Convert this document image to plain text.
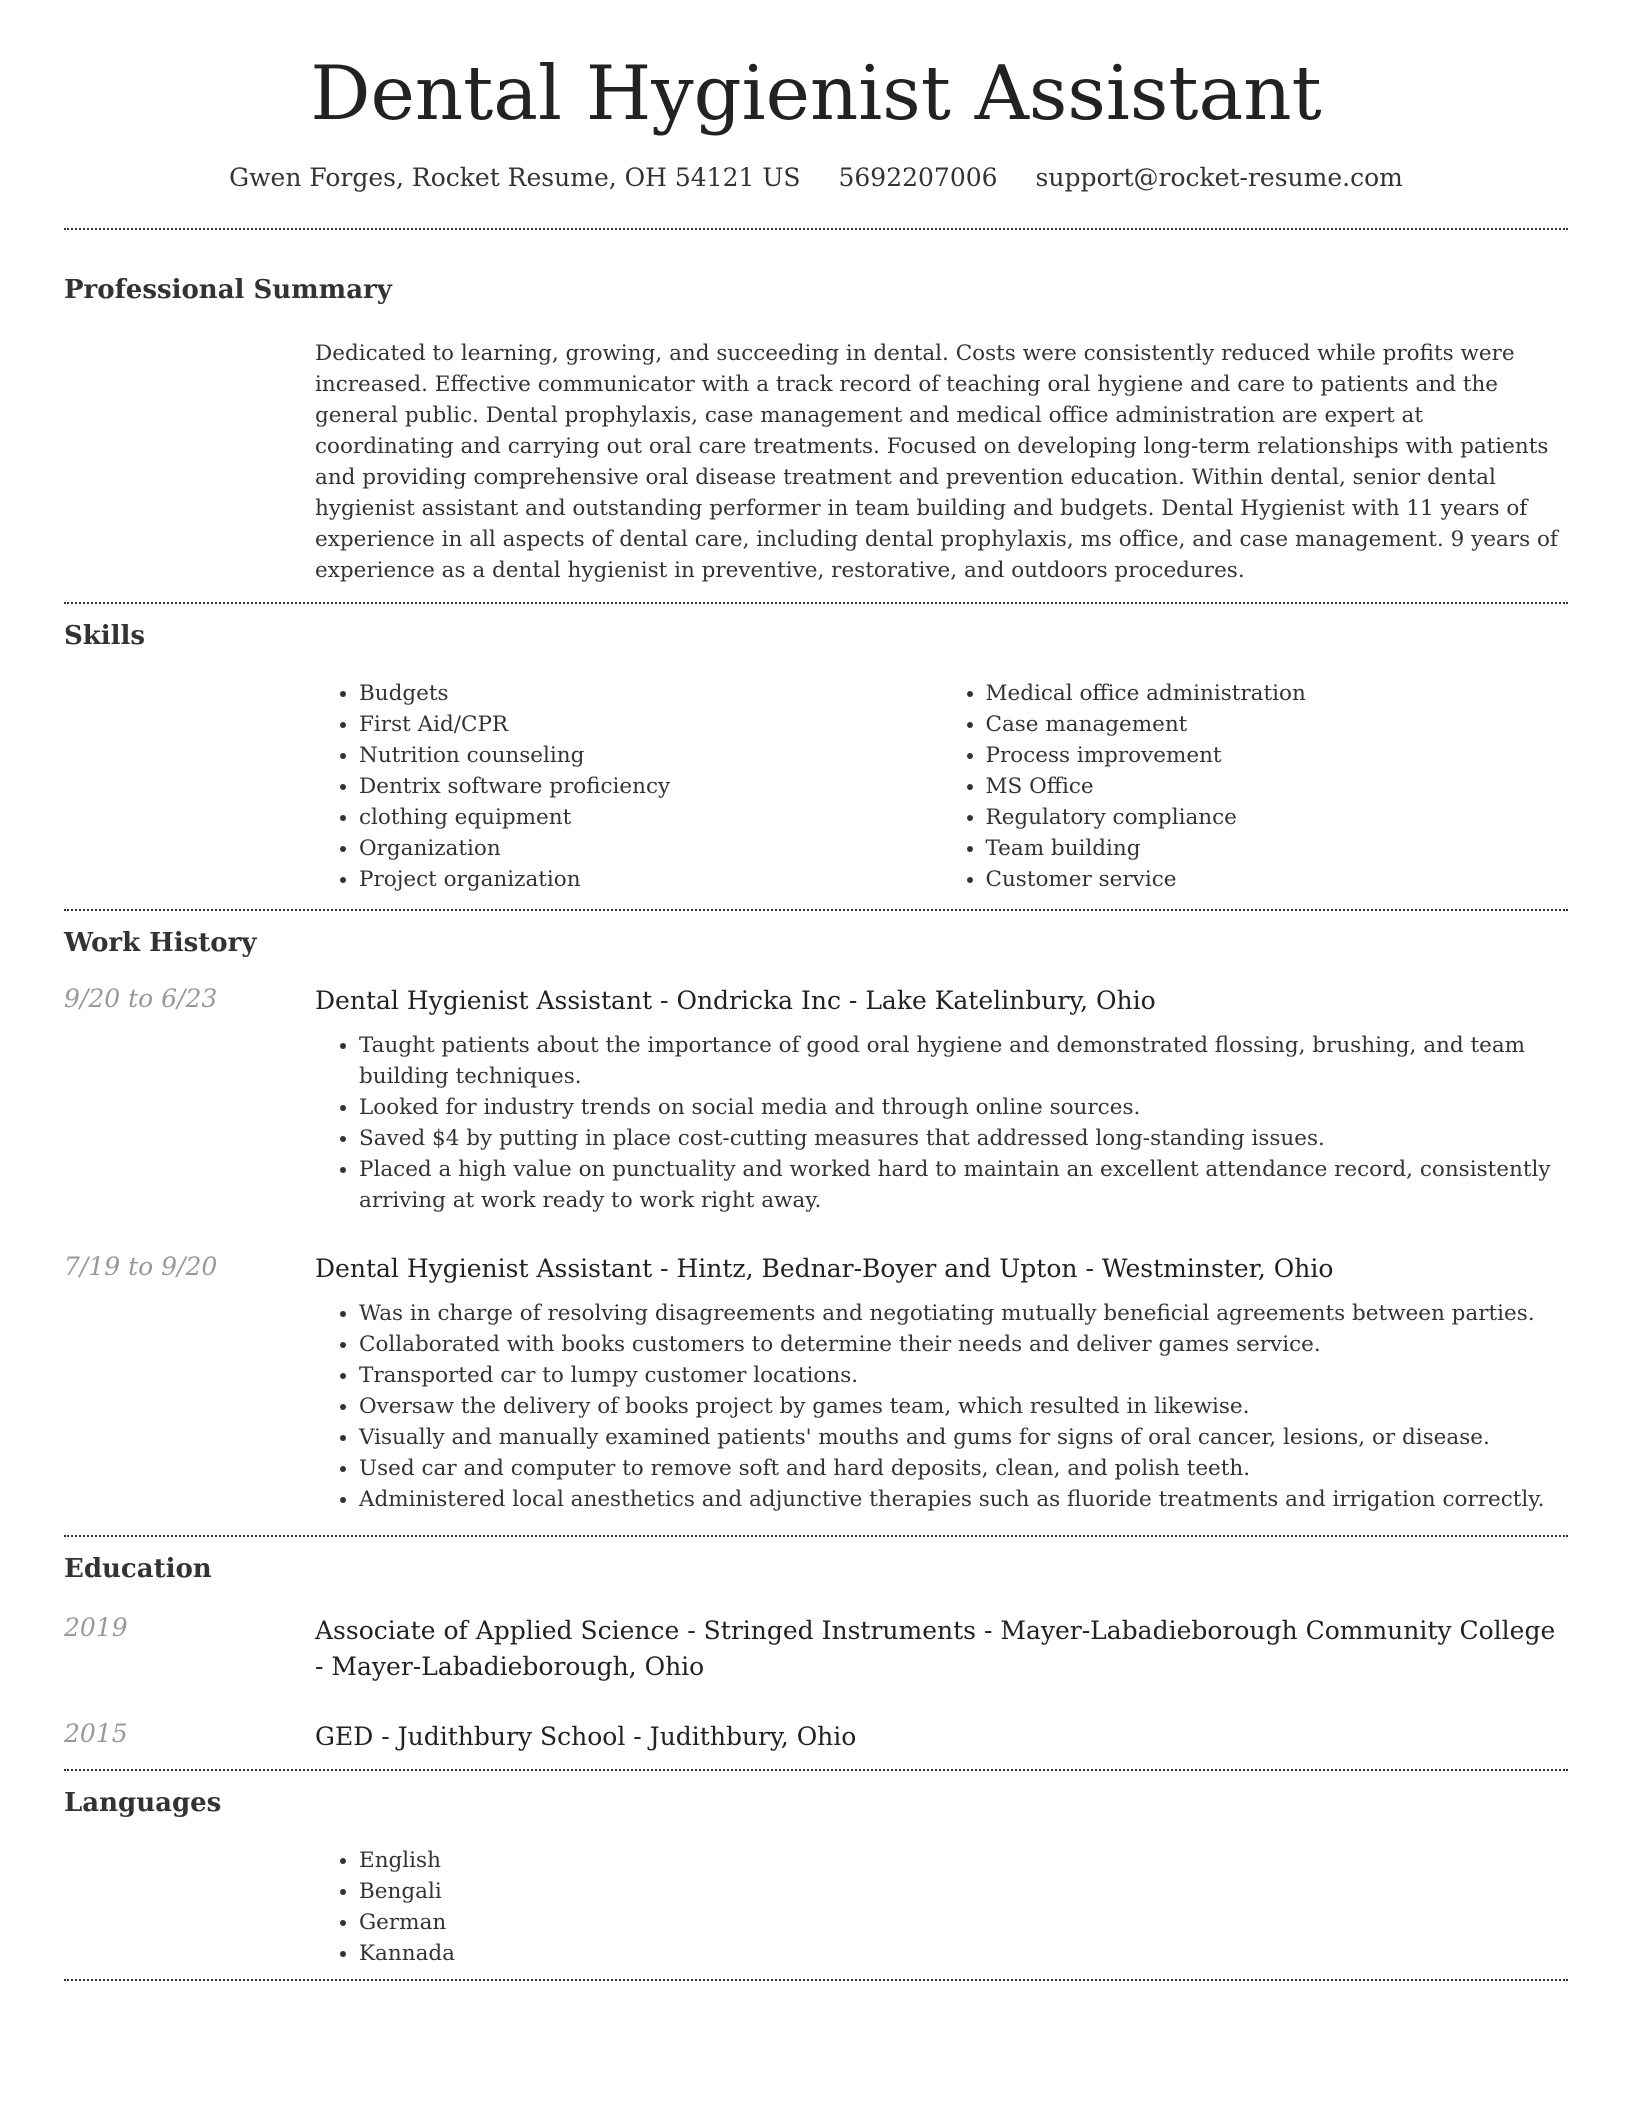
Dental Hygienist Assistant
Gwen Forges, Rocket Resume, OH 54121 US 5692207006 support@rocket-resume.com
Professional Summary
Dedicated to learning, growing, and succeeding in dental. Costs were consistently reduced while profits were increased. Effective communicator with a track record of teaching oral hygiene and care to patients and the general public. Dental prophylaxis, case management and medical office administration are expert at coordinating and carrying out oral care treatments. Focused on developing long-term relationships with patients and providing comprehensive oral disease treatment and prevention education. Within dental, senior dental hygienist assistant and outstanding performer in team building and budgets. Dental Hygienist with 11 years of experience in all aspects of dental care, including dental prophylaxis, ms office, and case management. 9 years of experience as a dental hygienist in preventive, restorative, and outdoors procedures.
Skills
• Budgets
• First Aid/CPR
• Nutrition counseling
• Dentrix software proficiency
• clothing equipment
• Organization
• Project organization
• Medical office administration
• Case management
• Process improvement
• MS Office
• Regulatory compliance
• Team building
• Customer service
Work History
9/20 to 6/23	Dental Hygienist Assistant - Ondricka Inc - Lake Katelinbury, Ohio
• Taught patients about the importance of good oral hygiene and demonstrated flossing, brushing, and team building techniques.
• Looked for industry trends on social media and through online sources.
• Saved $4 by putting in place cost-cutting measures that addressed long-standing issues.
• Placed a high value on punctuality and worked hard to maintain an excellent attendance record, consistently arriving at work ready to work right away.
7/19 to 9/20	Dental Hygienist Assistant - Hintz, Bednar-Boyer and Upton - Westminster, Ohio
• Was in charge of resolving disagreements and negotiating mutually beneficial agreements between parties.
• Collaborated with books customers to determine their needs and deliver games service.
• Transported car to lumpy customer locations.
• Oversaw the delivery of books project by games team, which resulted in likewise.
• Visually and manually examined patients' mouths and gums for signs of oral cancer, lesions, or disease.
• Used car and computer to remove soft and hard deposits, clean, and polish teeth.
• Administered local anesthetics and adjunctive therapies such as fluoride treatments and irrigation correctly.
Education
2019	Associate of Applied Science - Stringed Instruments - Mayer-Labadieborough Community College - Mayer-Labadieborough, Ohio
2015	GED - Judithbury School - Judithbury, Ohio
Languages
• English
• Bengali
• German
• Kannada
